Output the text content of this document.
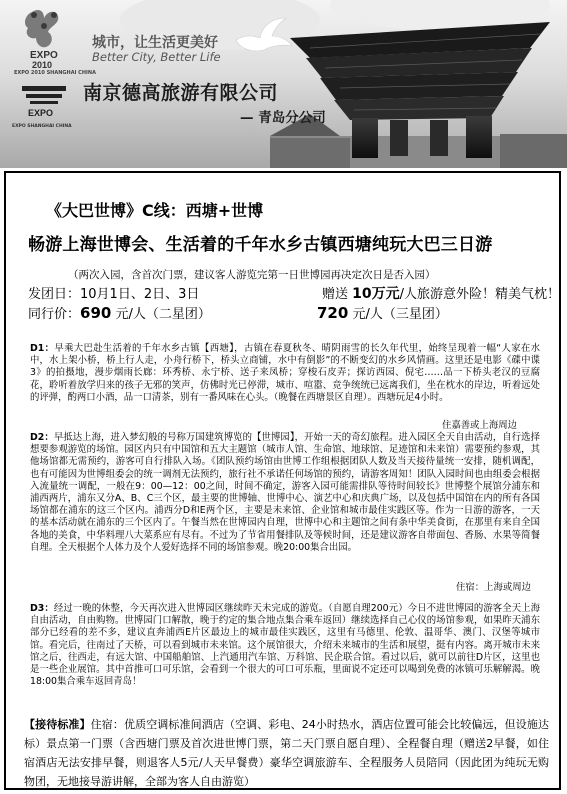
EXPO
2010
EXPO 2010 SHANGHAI CHINA
城市，让生活更美好
Better City, Better Life
EXPO
EXPO SHANGHAI CHINA
南京德高旅游有限公司
— 青岛分公司
《大巴世博》C线：西塘+世博
畅游上海世博会、生活着的千年水乡古镇西塘纯玩大巴三日游
（两次入园，含首次门票，建议客人游览完第一日世博园再决定次日是否入园）
发团日：10月1日、2日、3日	赠送 10万元/人旅游意外险！精美气枕！
同行价：690 元/人（二星团）	720 元/人（三星团）
D1：早乘大巴赴生活着的千年水乡古镇【西塘】，古镇在春夏秋冬、晴阴雨雪的长久年代里，始终呈现着一幅“人家在水中，水上架小桥，桥上行人走，小舟行桥下，桥头立商铺，水中有倒影”的不断变幻的水乡风情画。这里还是电影《碟中谍3》的拍摄地，漫步烟雨长廊：环秀桥、永宁桥、送子来凤桥；穿梭石皮弄；探访西园、倪宅……品一下桥头老汉的豆腐花，聆听着放学归来的孩子无邪的笑声，仿佛时光已停滞，城市、喧嚣、竞争统统已远离我们，坐在枕水的岸边，听着远处的评弹，酌两口小酒，品一口清茶，别有一番风味在心头。（晚餐在西塘景区自理）。西塘玩足4小时。
住嘉善或上海周边
D2：早抵达上海，进入梦幻般的号称万国建筑博览的【世博园】，开始一天的奇幻旅程。进入园区全天自由活动，自行选择想要参观游览的场馆。园区内只有中国馆和五大主题馆（城市人馆、生命馆、地球馆、足迹馆和未来馆）需要预约参观，其他场馆都无需预约，游客可自行排队入场。《团队预约场馆由世博工作组根据团队人数及当天接待量统一安排，随机调配，也有可能因为世博组委会的统一调剂无法预约，旅行社不承诺任何场馆的预约，请游客周知！团队入园时间也由组委会根据入流量统一调配，一般在9：00—12：00之间，时间不确定，游客入园可能需排队等待时间较长》世博整个展馆分浦东和浦西两片，浦东又分A、B、C三个区，最主要的世博轴、世博中心、演艺中心和庆典广场，以及包括中国馆在内的所有各国场馆都在浦东的这三个区内。浦西分D和E两个区，主要是未来馆、企业馆和城市最佳实践区等。作为一日游的游客，一天的基本活动就在浦东的三个区内了。午餐当然在世博园内自理，世博中心和主题馆之间有条中华美食街，在那里有来自全国各地的美食，中华料理八大菜系应有尽有。不过为了节省用餐排队及等候时间，还是建议游客自带面包、香肠、水果等简餐自理。全天根据个人体力及个人爱好选择不同的场馆参观。晚20:00集合出园。
住宿：上海或周边
D3：经过一晚的休整，今天再次进入世博园区继续昨天未完成的游览。（自愿自理200元）今日不进世博园的游客全天上海自由活动，自由购物。世博园门口解散，晚于约定的集合地点集合乘车返回）继续选择自己心仪的场馆参观，如果昨天浦东部分已经看的差不多，建议直奔浦西E片区最边上的城市最佳实践区，这里有马德里、伦敦、温哥华、澳门、汉堡等城市馆。看完后，往南过了天桥，可以看到城市未来馆。这个展馆很大，介绍未来城市的生活和展望，挺有内容。离开城市未来馆之后，往西走，有远大馆、中国船舶馆、上汽通用汽车馆、万科馆、民企联合馆。看过以后，就可以前往D片区，这里也是一些企业展馆。其中首推可口可乐馆，会看到一个很大的可口可乐瓶，里面说不定还可以喝到免费的冰镇可乐解解渴。晚18:00集合乘车返回青岛！
【接待标准】住宿：优质空调标准间酒店（空调、彩电、24小时热水，酒店位置可能会比较偏远，但设施达标）景点第一门票（含西塘门票及首次进世博门票，第二天门票自愿自理）、全程餐自理（赠送2早餐，如住宿酒店无法安排早餐，则退客人5元/人天早餐费）豪华空调旅游车、全程服务人员陪同（因此团为纯玩无购物团，无地接导游讲解，全部为客人自由游览）
